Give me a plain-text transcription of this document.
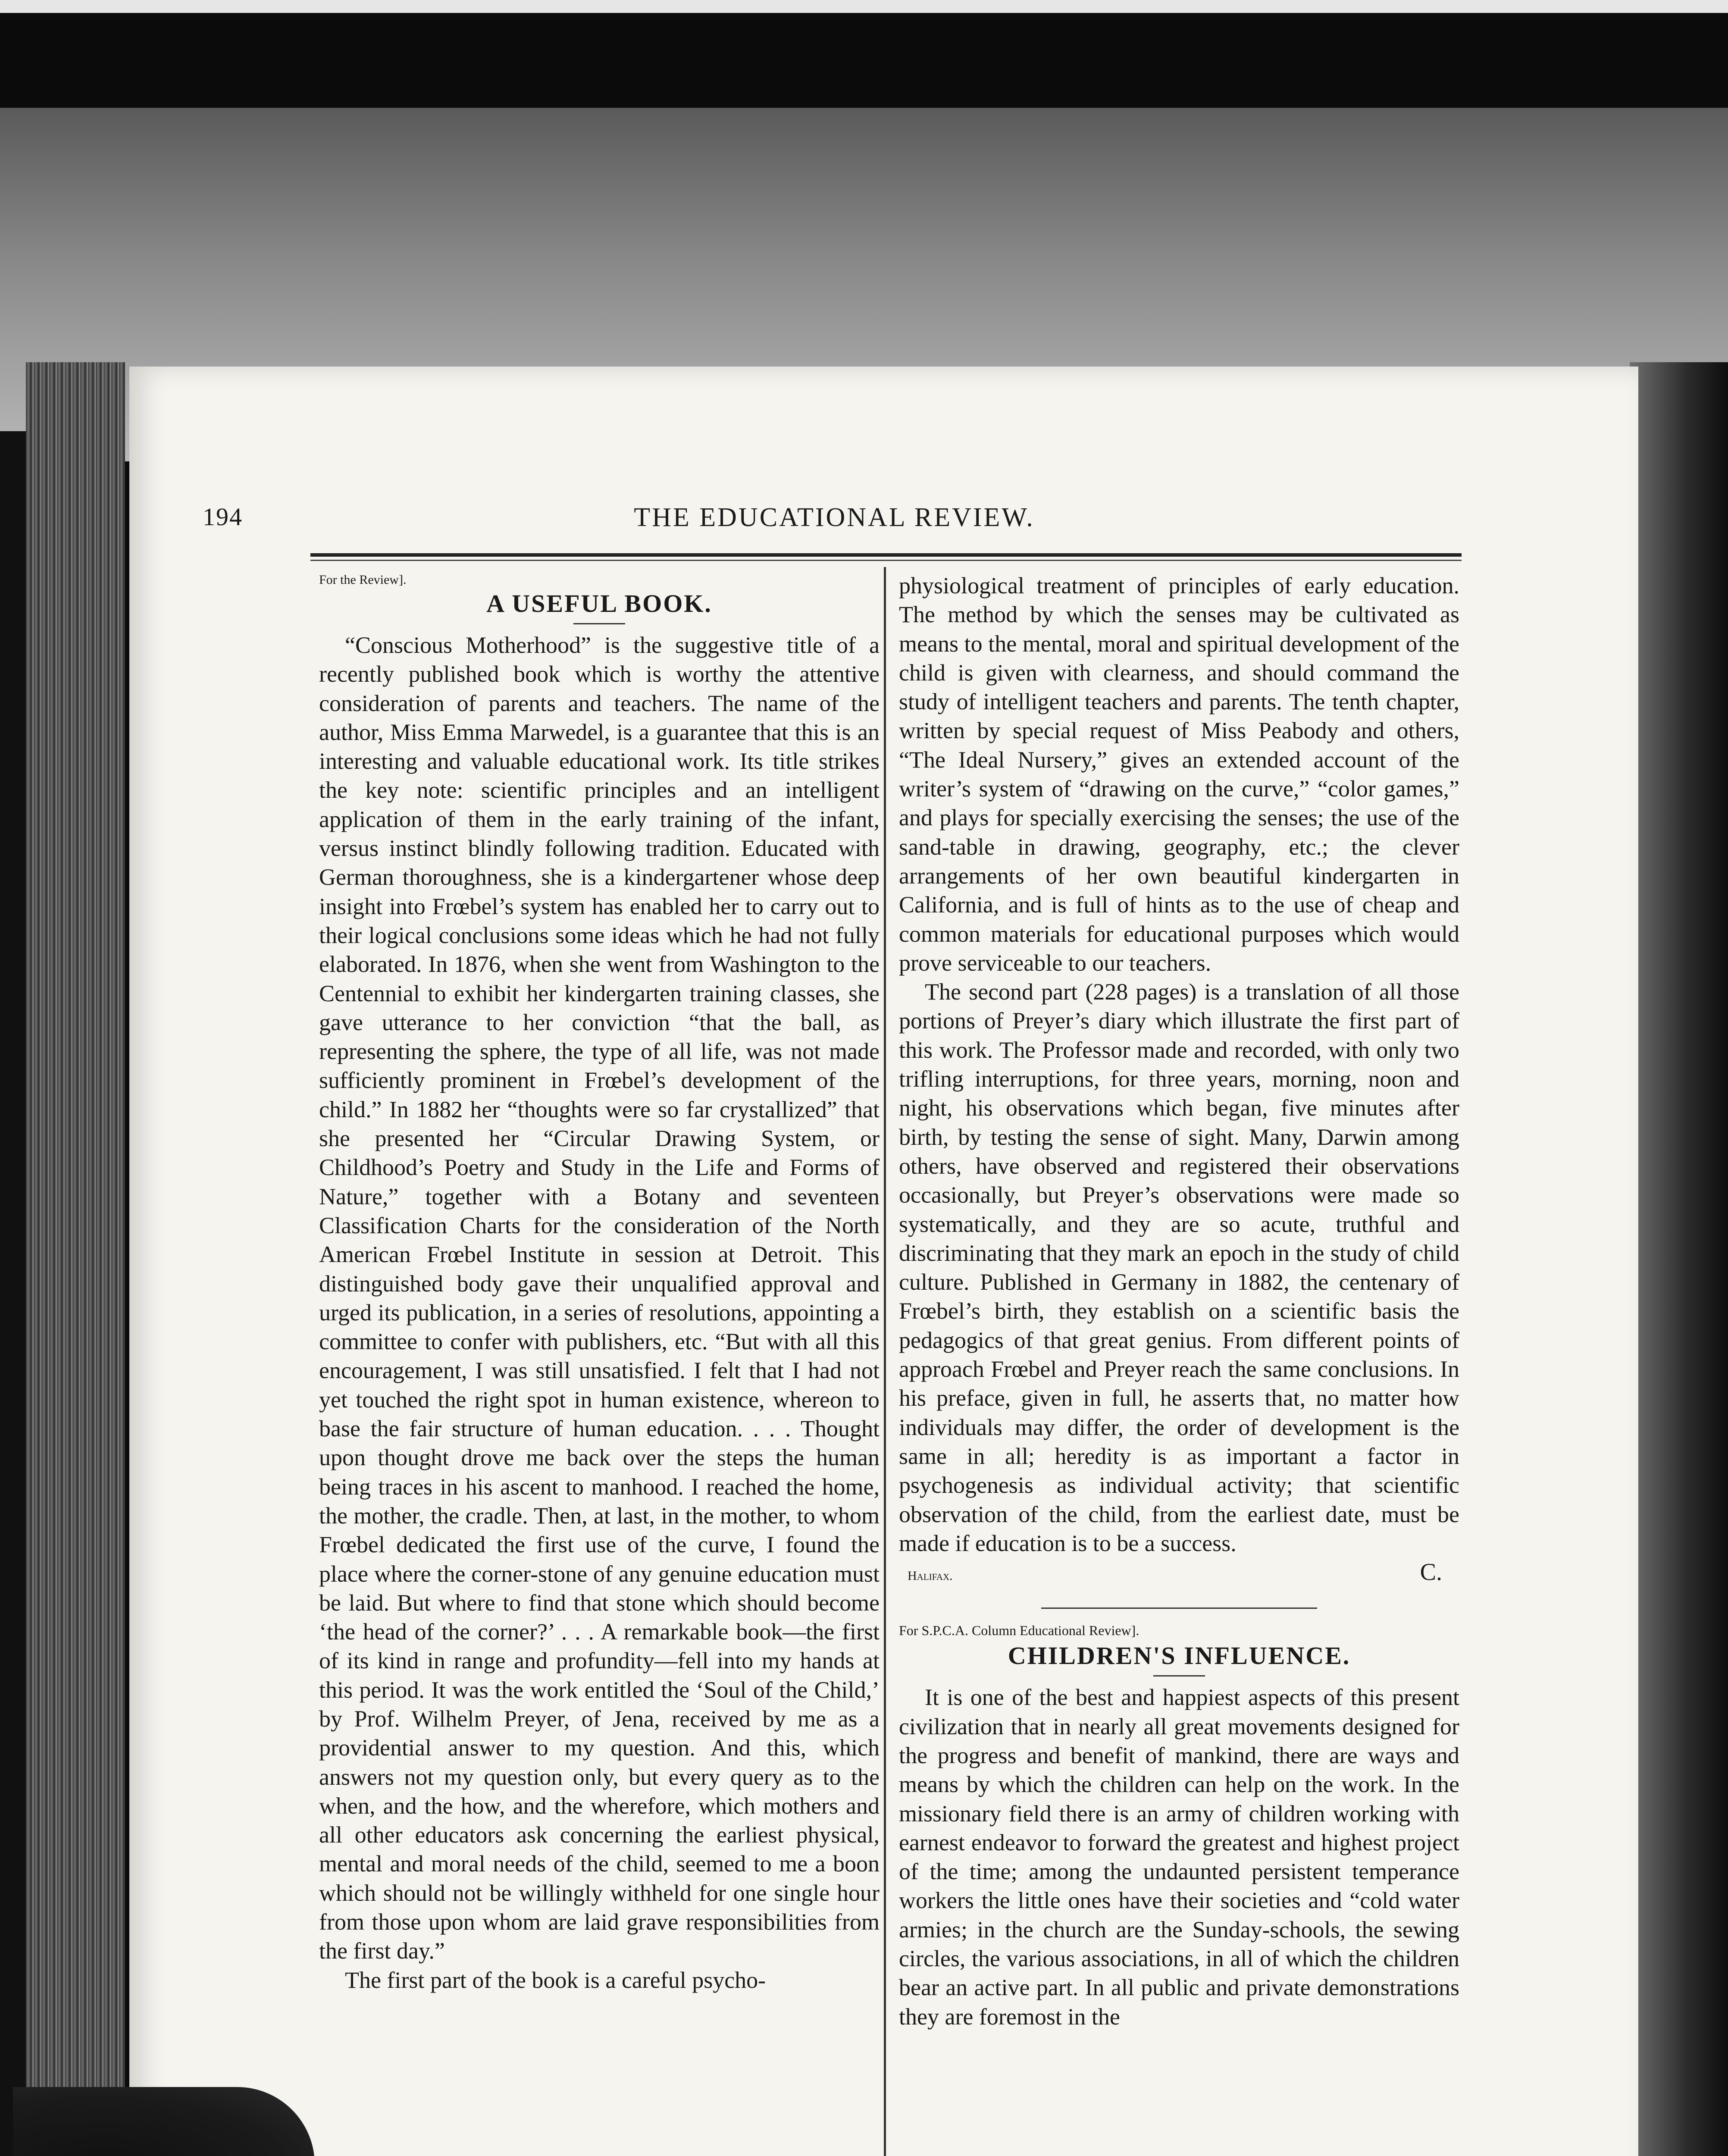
194	THE EDUCATIONAL REVIEW.

For the Review].

A USEFUL BOOK.

“Conscious Motherhood” is the suggestive title of a recently published book which is worthy the attentive consideration of parents and teachers. The name of the author, Miss Emma Marwedel, is a guarantee that this is an interesting and valuable educational work. Its title strikes the key note: scientific principles and an intelligent application of them in the early training of the infant, versus instinct blindly following tradition. Educated with German thoroughness, she is a kindergartener whose deep insight into Frœbel’s system has enabled her to carry out to their logical conclusions some ideas which he had not fully elaborated. In 1876, when she went from Washington to the Centennial to exhibit her kindergarten training classes, she gave utterance to her conviction “that the ball, as representing the sphere, the type of all life, was not made sufficiently prominent in Frœbel’s development of the child.” In 1882 her “thoughts were so far crystallized” that she presented her “Circular Drawing System, or Childhood’s Poetry and Study in the Life and Forms of Nature,” together with a Botany and seventeen Classification Charts for the consideration of the North American Frœbel Institute in session at Detroit. This distinguished body gave their unqualified approval and urged its publication, in a series of resolutions, appointing a committee to confer with publishers, etc. “But with all this encouragement, I was still unsatisfied. I felt that I had not yet touched the right spot in human existence, whereon to base the fair structure of human education. . . . Thought upon thought drove me back over the steps the human being traces in his ascent to manhood. I reached the home, the mother, the cradle. Then, at last, in the mother, to whom Frœbel dedicated the first use of the curve, I found the place where the corner-stone of any genuine education must be laid. But where to find that stone which should become ‘the head of the corner?’ . . . A remarkable book—the first of its kind in range and profundity—fell into my hands at this period. It was the work entitled the ‘Soul of the Child,’ by Prof. Wilhelm Preyer, of Jena, received by me as a providential answer to my question. And this, which answers not my question only, but every query as to the when, and the how, and the wherefore, which mothers and all other educators ask concerning the earliest physical, mental and moral needs of the child, seemed to me a boon which should not be willingly withheld for one single hour from those upon whom are laid grave responsibilities from the first day.”

The first part of the book is a careful psycho-

physiological treatment of principles of early education. The method by which the senses may be cultivated as means to the mental, moral and spiritual development of the child is given with clearness, and should command the study of intelligent teachers and parents. The tenth chapter, written by special request of Miss Peabody and others, “The Ideal Nursery,” gives an extended account of the writer’s system of “drawing on the curve,” “color games,” and plays for specially exercising the senses; the use of the sand-table in drawing, geography, etc.; the clever arrangements of her own beautiful kindergarten in California, and is full of hints as to the use of cheap and common materials for educational purposes which would prove serviceable to our teachers.

The second part (228 pages) is a translation of all those portions of Preyer’s diary which illustrate the first part of this work. The Professor made and recorded, with only two trifling interruptions, for three years, morning, noon and night, his observations which began, five minutes after birth, by testing the sense of sight. Many, Darwin among others, have observed and registered their observations occasionally, but Preyer’s observations were made so systematically, and they are so acute, truthful and discriminating that they mark an epoch in the study of child culture. Published in Germany in 1882, the centenary of Frœbel’s birth, they establish on a scientific basis the pedagogics of that great genius. From different points of approach Frœbel and Preyer reach the same conclusions. In his preface, given in full, he asserts that, no matter how individuals may differ, the order of development is the same in all; heredity is as important a factor in psychogenesis as individual activity; that scientific observation of the child, from the earliest date, must be made if education is to be a success.

Halifax.	C.

For S.P.C.A. Column Educational Review].

CHILDREN'S INFLUENCE.

It is one of the best and happiest aspects of this present civilization that in nearly all great movements designed for the progress and benefit of mankind, there are ways and means by which the children can help on the work. In the missionary field there is an army of children working with earnest endeavor to forward the greatest and highest project of the time; among the undaunted persistent temperance workers the little ones have their societies and “cold water armies; in the church are the Sunday-schools, the sewing circles, the various associations, in all of which the children bear an active part. In all public and private demonstrations they are foremost in the
